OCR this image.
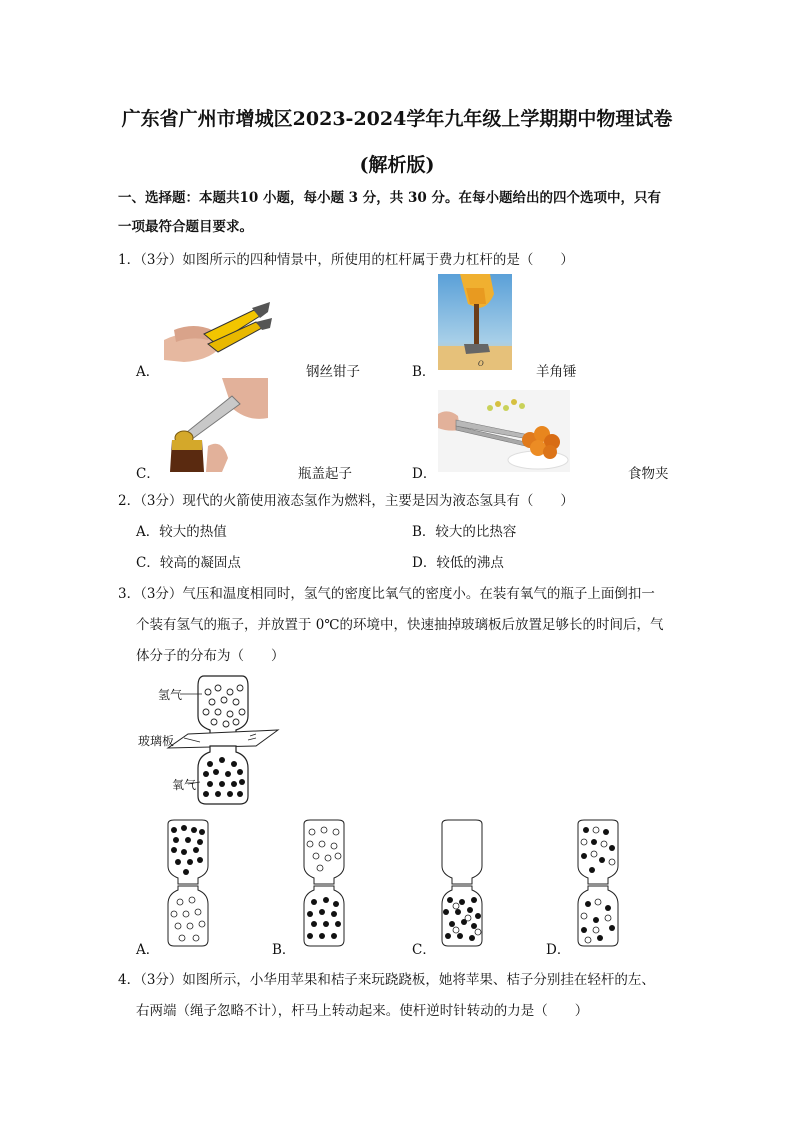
广东省广州市增城区2023-2024学年九年级上学期期中物理试卷
(解析版)
一、选择题：本题共10 小题，每小题 3 分，共 30 分。在每小题给出的四个选项中，只有
一项最符合题目要求。
1．（3分）如图所示的四种情景中，所使用的杠杆属于费力杠杆的是（　　）
A．	钢丝钳子	O
B．	羊角锤
C．	瓶盖起子	D．	食物夹
2．（3分）现代的火箭使用液态氢作为燃料，主要是因为液态氢具有（　　）
A．较大的热值	B．较大的比热容
C．较高的凝固点	D．较低的沸点
3．（3分）气压和温度相同时，氢气的密度比氧气的密度小。在装有氧气的瓶子上面倒扣一
个装有氢气的瓶子，并放置于 0℃的环境中，快速抽掉玻璃板后放置足够长的时间后，气
体分子的分布为（　　）
氢气
玻璃板
氧气
A．	B．	C．	D．
4．（3分）如图所示，小华用苹果和桔子来玩跷跷板，她将苹果、桔子分别挂在轻杆的左、
右两端（绳子忽略不计），杆马上转动起来。使杆逆时针转动的力是（　　）
